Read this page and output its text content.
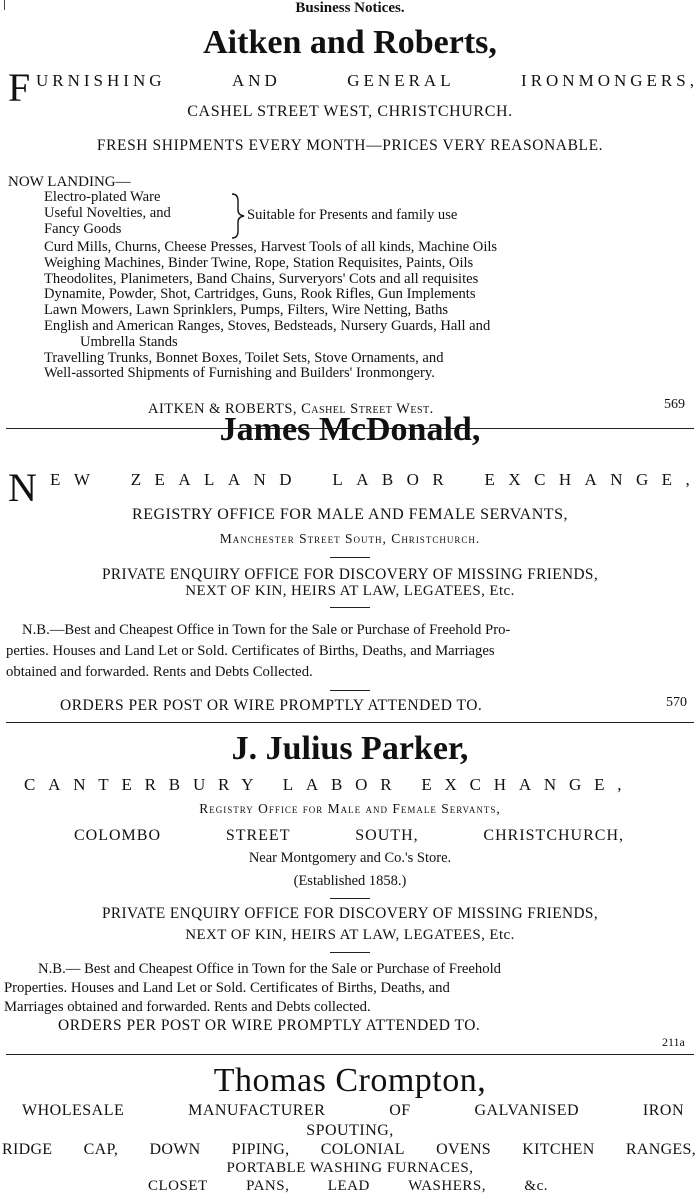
Business Notices.
Aitken and Roberts,
F URNISHING	AND	GENERAL	IRONMONGERS,
CASHEL STREET WEST, CHRISTCHURCH.
FRESH SHIPMENTS EVERY MONTH—PRICES VERY REASONABLE.
NOW LANDING—
Electro-plated Ware
Useful Novelties, and
Fancy Goods
Suitable for Presents and family use
Curd Mills, Churns, Cheese Presses, Harvest Tools of all kinds, Machine Oils
Weighing Machines, Binder Twine, Rope, Station Requisites, Paints, Oils
Theodolites, Planimeters, Band Chains, Surveryors' Cots and all requisites
Dynamite, Powder, Shot, Cartridges, Guns, Rook Rifles, Gun Implements
Lawn Mowers, Lawn Sprinklers, Pumps, Filters, Wire Netting, Baths
English and American Ranges, Stoves, Bedsteads, Nursery Guards, Hall and
Umbrella Stands
Travelling Trunks, Bonnet Boxes, Toilet Sets, Stove Ornaments, and
Well-assorted Shipments of Furnishing and Builders' Ironmongery.
AITKEN & ROBERTS, Cashel Street West.	569
James McDonald,
N E W Z E A L A N D L A B O R E X C H A N G E ,
REGISTRY OFFICE FOR MALE AND FEMALE SERVANTS,
Manchester Street South, Christchurch.
PRIVATE ENQUIRY OFFICE FOR DISCOVERY OF MISSING FRIENDS,
NEXT OF KIN, HEIRS AT LAW, LEGATEES, Etc.
N.B.—Best and Cheapest Office in Town for the Sale or Purchase of Freehold Pro-
perties. Houses and Land Let or Sold. Certificates of Births, Deaths, and Marriages
obtained and forwarded. Rents and Debts Collected.
ORDERS PER POST OR WIRE PROMPTLY ATTENDED TO.	570
J. Julius Parker,
CANTERBURY LABOR EXCHANGE,
Registry Office for Male and Female Servants,
COLOMBO	STREET	SOUTH,	CHRISTCHURCH,
Near Montgomery and Co.'s Store.
(Established 1858.)
PRIVATE ENQUIRY OFFICE FOR DISCOVERY OF MISSING FRIENDS,
NEXT OF KIN, HEIRS AT LAW, LEGATEES, Etc.
N.B.— Best and Cheapest Office in Town for the Sale or Purchase of Freehold
Properties. Houses and Land Let or Sold. Certificates of Births, Deaths, and
Marriages obtained and forwarded. Rents and Debts collected.
ORDERS PER POST OR WIRE PROMPTLY ATTENDED TO.
211a
Thomas Crompton,
WHOLESALE	MANUFACTURER	OF	GALVANISED	IRON
SPOUTING,
RIDGE CAP, DOWN PIPING, COLONIAL OVENS KITCHEN RANGES,
PORTABLE WASHING FURNACES,
CLOSET	PANS,	LEAD	WASHERS,	&c.
